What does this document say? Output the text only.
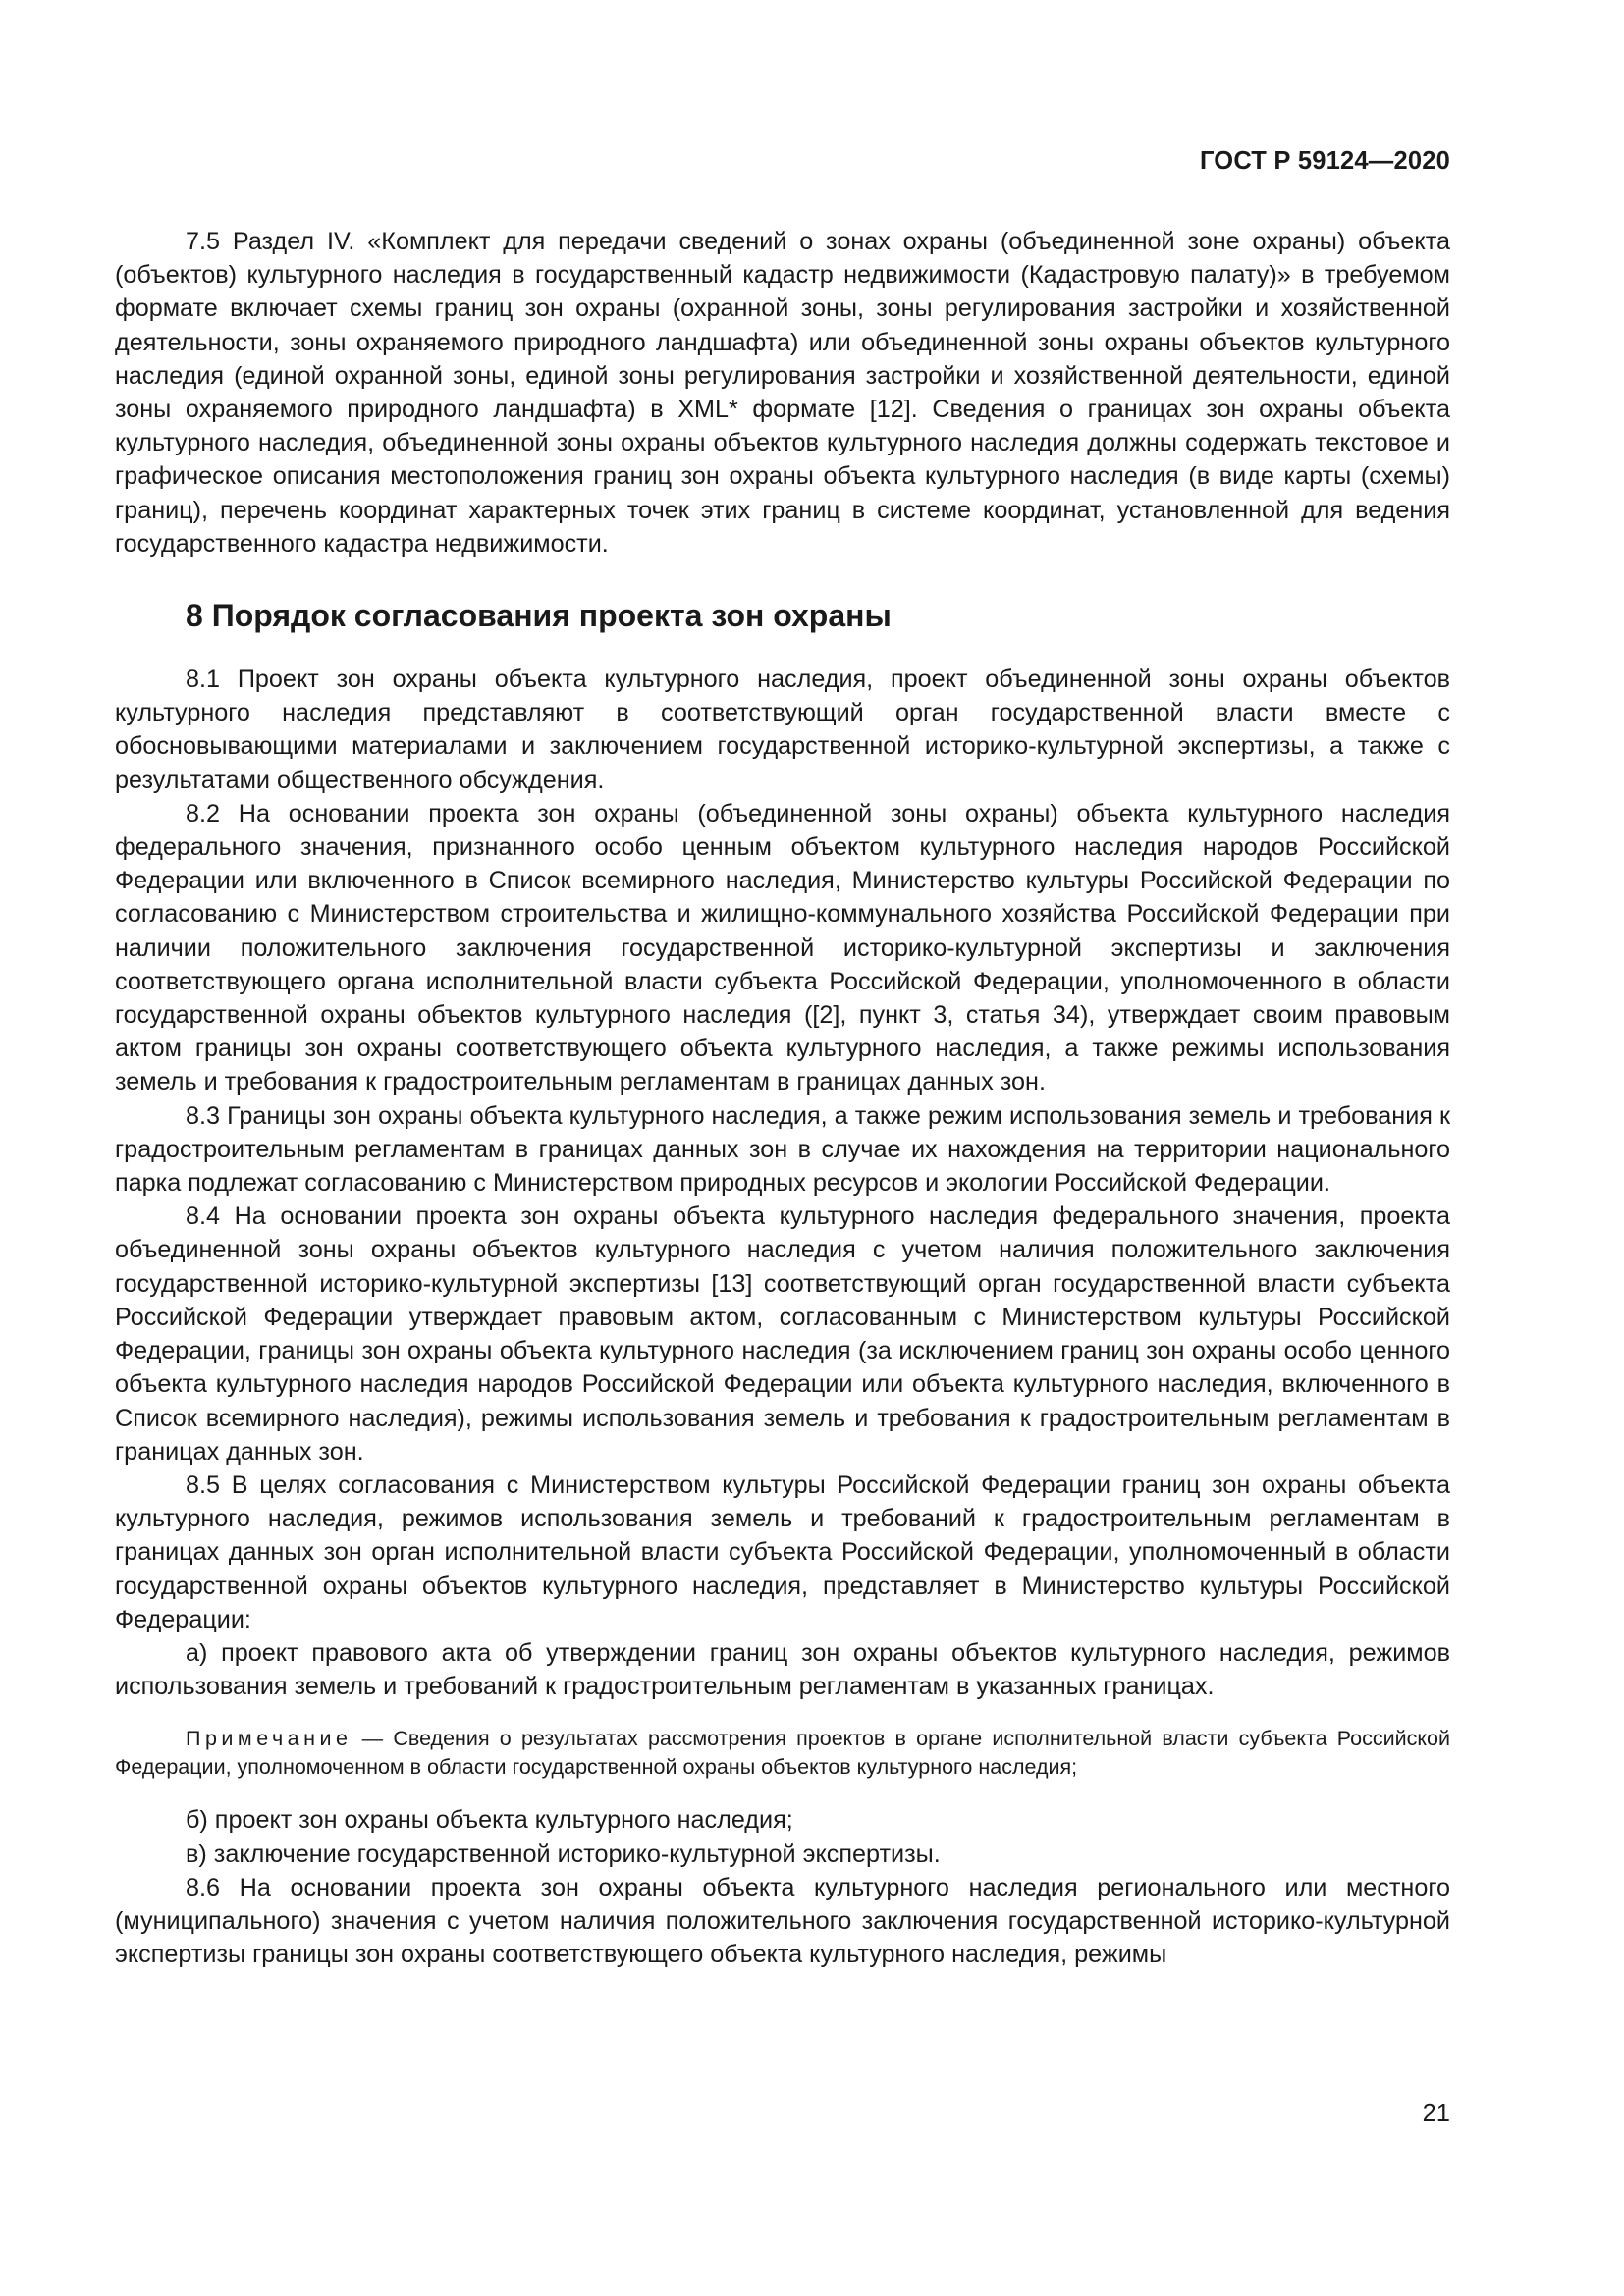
ГОСТ Р 59124—2020

7.5 Раздел IV. «Комплект для передачи сведений о зонах охраны (объединенной зоне охраны) объекта (объектов) культурного наследия в государственный кадастр недвижимости (Кадастровую палату)» в требуемом формате включает схемы границ зон охраны (охранной зоны, зоны регулирования застройки и хозяйственной деятельности, зоны охраняемого природного ландшафта) или объединенной зоны охраны объектов культурного наследия (единой охранной зоны, единой зоны регулирования застройки и хозяйственной деятельности, единой зоны охраняемого природного ландшафта) в XML* формате [12]. Сведения о границах зон охраны объекта культурного наследия, объединенной зоны охраны объектов культурного наследия должны содержать текстовое и графическое описания местоположения границ зон охраны объекта культурного наследия (в виде карты (схемы) границ), перечень координат характерных точек этих границ в системе координат, установленной для ведения государственного кадастра недвижимости.

8 Порядок согласования проекта зон охраны

8.1 Проект зон охраны объекта культурного наследия, проект объединенной зоны охраны объектов культурного наследия представляют в соответствующий орган государственной власти вместе с обосновывающими материалами и заключением государственной историко-культурной экспертизы, а также с результатами общественного обсуждения.

8.2 На основании проекта зон охраны (объединенной зоны охраны) объекта культурного наследия федерального значения, признанного особо ценным объектом культурного наследия народов Российской Федерации или включенного в Список всемирного наследия, Министерство культуры Российской Федерации по согласованию с Министерством строительства и жилищно-коммунального хозяйства Российской Федерации при наличии положительного заключения государственной историко-культурной экспертизы и заключения соответствующего органа исполнительной власти субъекта Российской Федерации, уполномоченного в области государственной охраны объектов культурного наследия ([2], пункт 3, статья 34), утверждает своим правовым актом границы зон охраны соответствующего объекта культурного наследия, а также режимы использования земель и требования к градостроительным регламентам в границах данных зон.

8.3 Границы зон охраны объекта культурного наследия, а также режим использования земель и требования к градостроительным регламентам в границах данных зон в случае их нахождения на территории национального парка подлежат согласованию с Министерством природных ресурсов и экологии Российской Федерации.

8.4 На основании проекта зон охраны объекта культурного наследия федерального значения, проекта объединенной зоны охраны объектов культурного наследия с учетом наличия положительного заключения государственной историко-культурной экспертизы [13] соответствующий орган государственной власти субъекта Российской Федерации утверждает правовым актом, согласованным с Министерством культуры Российской Федерации, границы зон охраны объекта культурного наследия (за исключением границ зон охраны особо ценного объекта культурного наследия народов Российской Федерации или объекта культурного наследия, включенного в Список всемирного наследия), режимы использования земель и требования к градостроительным регламентам в границах данных зон.

8.5 В целях согласования с Министерством культуры Российской Федерации границ зон охраны объекта культурного наследия, режимов использования земель и требований к градостроительным регламентам в границах данных зон орган исполнительной власти субъекта Российской Федерации, уполномоченный в области государственной охраны объектов культурного наследия, представляет в Министерство культуры Российской Федерации:

а) проект правового акта об утверждении границ зон охраны объектов культурного наследия, режимов использования земель и требований к градостроительным регламентам в указанных границах.

Примечание — Сведения о результатах рассмотрения проектов в органе исполнительной власти субъекта Российской Федерации, уполномоченном в области государственной охраны объектов культурного наследия;

б) проект зон охраны объекта культурного наследия;

в) заключение государственной историко-культурной экспертизы.

8.6 На основании проекта зон охраны объекта культурного наследия регионального или местного (муниципального) значения с учетом наличия положительного заключения государственной историко-культурной экспертизы границы зон охраны соответствующего объекта культурного наследия, режимы

21
